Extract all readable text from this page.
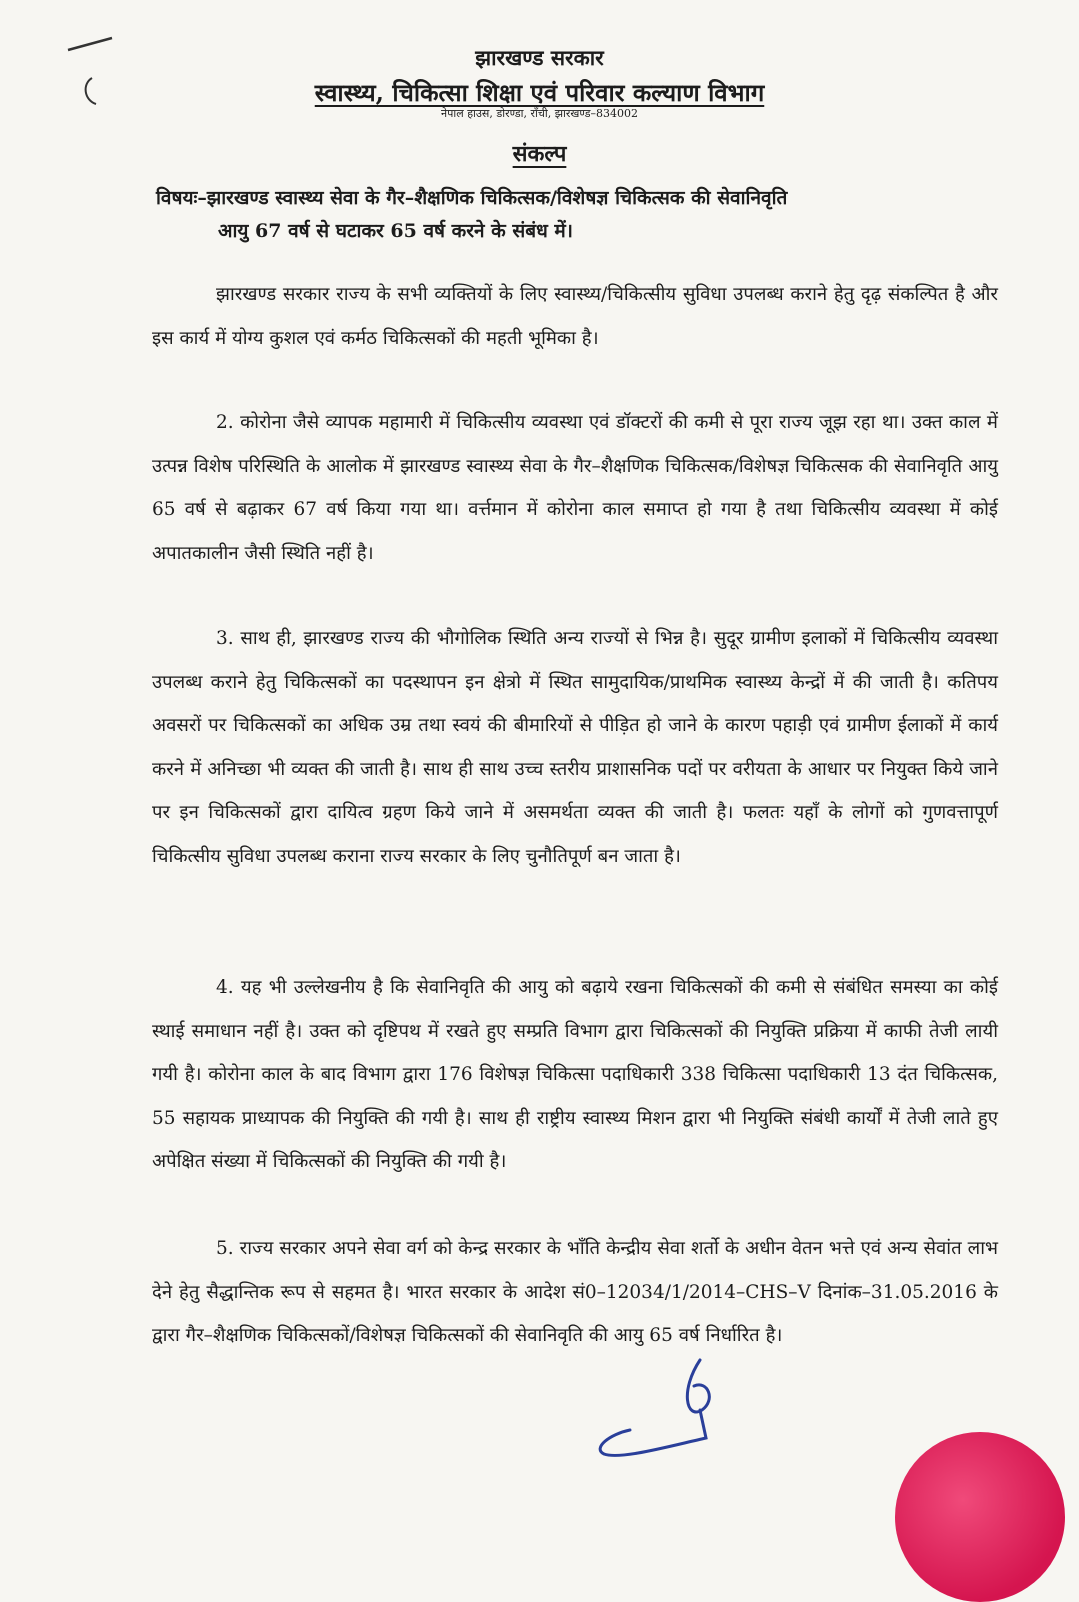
झारखण्ड सरकार
स्वास्थ्य, चिकित्सा शिक्षा एवं परिवार कल्याण विभाग
नेपाल हाउस, डोरण्डा, राँची, झारखण्ड–834002
संकल्प
विषयः–झारखण्ड स्वास्थ्य सेवा के गैर–शैक्षणिक चिकित्सक/विशेषज्ञ चिकित्सक की सेवानिवृति
आयु 67 वर्ष से घटाकर 65 वर्ष करने के संबंध में।

झारखण्ड सरकार राज्य के सभी व्यक्तियों के लिए स्वास्थ्य/चिकित्सीय सुविधा उपलब्ध कराने हेतु दृढ़ संकल्पित है और इस कार्य में योग्य कुशल एवं कर्मठ चिकित्सकों की महती भूमिका है।

2. कोरोना जैसे व्यापक महामारी में चिकित्सीय व्यवस्था एवं डॉक्टरों की कमी से पूरा राज्य जूझ रहा था। उक्त काल में उत्पन्न विशेष परिस्थिति के आलोक में झारखण्ड स्वास्थ्य सेवा के गैर–शैक्षणिक चिकित्सक/विशेषज्ञ चिकित्सक की सेवानिवृति आयु 65 वर्ष से बढ़ाकर 67 वर्ष किया गया था। वर्त्तमान में कोरोना काल समाप्त हो गया है तथा चिकित्सीय व्यवस्था में कोई अपातकालीन जैसी स्थिति नहीं है।

3. साथ ही, झारखण्ड राज्य की भौगोलिक स्थिति अन्य राज्यों से भिन्न है। सुदूर ग्रामीण इलाकों में चिकित्सीय व्यवस्था उपलब्ध कराने हेतु चिकित्सकों का पदस्थापन इन क्षेत्रो में स्थित सामुदायिक/प्राथमिक स्वास्थ्य केन्द्रों में की जाती है। कतिपय अवसरों पर चिकित्सकों का अधिक उम्र तथा स्वयं की बीमारियों से पीड़ित हो जाने के कारण पहाड़ी एवं ग्रामीण ईलाकों में कार्य करने में अनिच्छा भी व्यक्त की जाती है। साथ ही साथ उच्च स्तरीय प्राशासनिक पदों पर वरीयता के आधार पर नियुक्त किये जाने पर इन चिकित्सकों द्वारा दायित्व ग्रहण किये जाने में असमर्थता व्यक्त की जाती है। फलतः यहाँ के लोगों को गुणवत्तापूर्ण चिकित्सीय सुविधा उपलब्ध कराना राज्य सरकार के लिए चुनौतिपूर्ण बन जाता है।

4. यह भी उल्लेखनीय है कि सेवानिवृति की आयु को बढ़ाये रखना चिकित्सकों की कमी से संबंधित समस्या का कोई स्थाई समाधान नहीं है। उक्त को दृष्टिपथ में रखते हुए सम्प्रति विभाग द्वारा चिकित्सकों की नियुक्ति प्रक्रिया में काफी तेजी लायी गयी है। कोरोना काल के बाद विभाग द्वारा 176 विशेषज्ञ चिकित्सा पदाधिकारी 338 चिकित्सा पदाधिकारी 13 दंत चिकित्सक, 55 सहायक प्राध्यापक की नियुक्ति की गयी है। साथ ही राष्ट्रीय स्वास्थ्य मिशन द्वारा भी नियुक्ति संबंधी कार्यों में तेजी लाते हुए अपेक्षित संख्या में चिकित्सकों की नियुक्ति की गयी है।

5. राज्य सरकार अपने सेवा वर्ग को केन्द्र सरकार के भाँति केन्द्रीय सेवा शर्तो के अधीन वेतन भत्ते एवं अन्य सेवांत लाभ देने हेतु सैद्धान्तिक रूप से सहमत है। भारत सरकार के आदेश सं0–12034/1/2014–CHS–V दिनांक–31.05.2016 के द्वारा गैर–शैक्षणिक चिकित्सकों/विशेषज्ञ चिकित्सकों की सेवानिवृति की आयु 65 वर्ष निर्धारित है।
